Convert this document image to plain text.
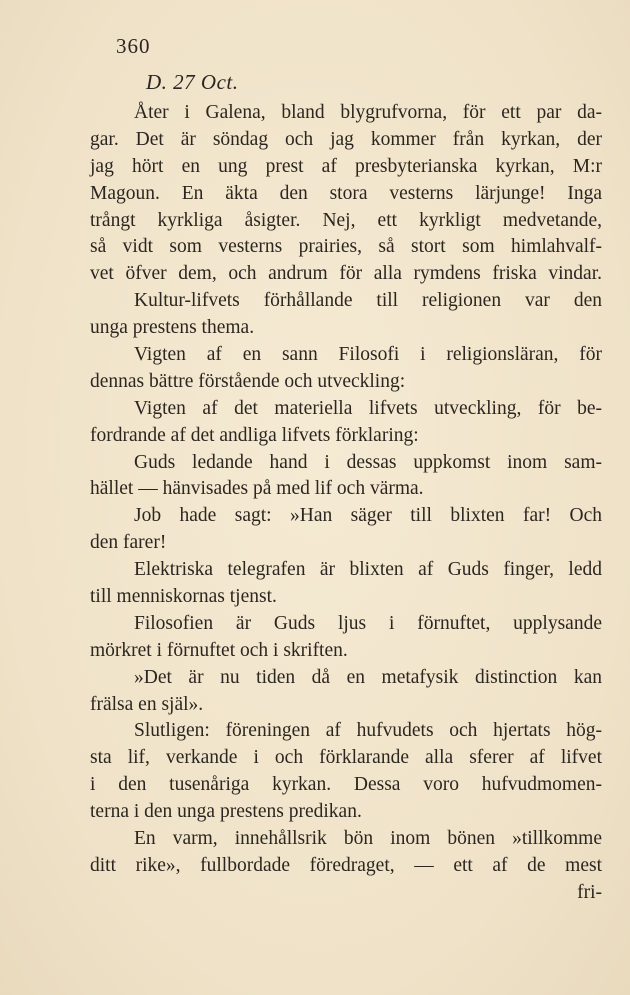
360
D. 27 Oct.
Åter i Galena, bland blygrufvorna, för ett par da-
gar. Det är söndag och jag kommer från kyrkan, der
jag hört en ung prest af presbyterianska kyrkan, M:r
Magoun. En äkta den stora vesterns lärjunge! Inga
trångt kyrkliga åsigter. Nej, ett kyrkligt medvetande,
så vidt som vesterns prairies, så stort som himlahvalf-
vet öfver dem, och andrum för alla rymdens friska vindar.
Kultur-lifvets förhållande till religionen var den
unga prestens thema.
Vigten af en sann Filosofi i religionsläran, för
dennas bättre förstående och utveckling:
Vigten af det materiella lifvets utveckling, för be-
fordrande af det andliga lifvets förklaring:
Guds ledande hand i dessas uppkomst inom sam-
hället — hänvisades på med lif och värma.
Job hade sagt: »Han säger till blixten far! Och
den farer!
Elektriska telegrafen är blixten af Guds finger, ledd
till menniskornas tjenst.
Filosofien är Guds ljus i förnuftet, upplysande
mörkret i förnuftet och i skriften.
»Det är nu tiden då en metafysik distinction kan
frälsa en själ».
Slutligen: föreningen af hufvudets och hjertats hög-
sta lif, verkande i och förklarande alla sferer af lifvet
i den tusenåriga kyrkan. Dessa voro hufvudmomen-
terna i den unga prestens predikan.
En varm, innehållsrik bön inom bönen »tillkomme
ditt rike», fullbordade föredraget, — ett af de mest
fri-
